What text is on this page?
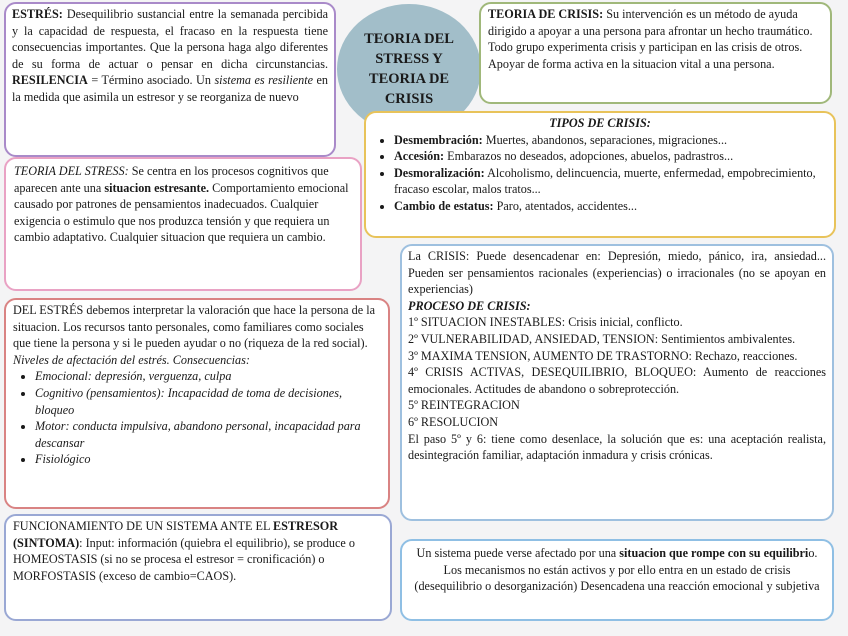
ESTRÉS: Desequilibrio sustancial entre la semanada percibida y la capacidad de respuesta, el fracaso en la respuesta tiene consecuencias importantes. Que la persona haga algo diferentes de su forma de actuar o pensar en dicha circunstancias. RESILENCIA = Término asociado. Un sistema es resiliente en la medida que asimila un estresor y se reorganiza de nuevo
TEORIA DEL
STRESS Y
TEORIA DE
CRISIS
TEORIA DE CRISIS: Su intervención es un método de ayuda dirigido a apoyar a una persona para afrontar un hecho traumático. Todo grupo experimenta crisis y participan en las crisis de otros. Apoyar de forma activa en la situacion vital a una persona.
TIPOS DE CRISIS:
• Desmembración: Muertes, abandonos, separaciones, migraciones...
• Accesión: Embarazos no deseados, adopciones, abuelos, padrastros...
• Desmoralización: Alcoholismo, delincuencia, muerte, enfermedad, empobrecimiento, fracaso escolar, malos tratos...
• Cambio de estatus: Paro, atentados, accidentes...
TEORIA DEL STRESS: Se centra en los procesos cognitivos que aparecen ante una situacion estresante. Comportamiento emocional causado por patrones de pensamientos inadecuados. Cualquier exigencia o estimulo que nos produzca tensión y que requiera un cambio adaptativo. Cualquier situacion que requiera un cambio.
DEL ESTRÉS debemos interpretar la valoración que hace la persona de la situacion. Los recursos tanto personales, como familiares como sociales que tiene la persona y si le pueden ayudar o no (riqueza de la red social).
Niveles de afectación del estrés. Consecuencias:
• Emocional: depresión, verguenza, culpa
• Cognitivo (pensamientos): Incapacidad de toma de decisiones, bloqueo
• Motor: conducta impulsiva, abandono personal, incapacidad para descansar
• Fisiológico

La CRISIS: Puede desencadenar en: Depresión, miedo, pánico, ira, ansiedad... Pueden ser pensamientos racionales (experiencias) o irracionales (no se apoyan en experiencias)

PROCESO DE CRISIS:

1º SITUACION INESTABLES: Crisis inicial, conflicto.

2º VULNERABILIDAD, ANSIEDAD, TENSION: Sentimientos ambivalentes.

3º MAXIMA TENSION, AUMENTO DE TRASTORNO: Rechazo, reacciones.

4º CRISIS ACTIVAS, DESEQUILIBRIO, BLOQUEO: Aumento de reacciones emocionales. Actitudes de abandono o sobreprotección.

5º REINTEGRACION

6º RESOLUCION

El paso 5º y 6: tiene como desenlace, la solución que es: una aceptación realista, desintegración familiar, adaptación inmadura y crisis crónicas.

FUNCIONAMIENTO DE UN SISTEMA ANTE EL ESTRESOR (SINTOMA): Input: información (quiebra el equilibrio), se produce o HOMEOSTASIS (si no se procesa el estresor = cronificación) o MORFOSTASIS (exceso de cambio=CAOS).
Un sistema puede verse afectado por una situacion que rompe con su equilibrio. Los mecanismos no están activos y por ello entra en un estado de crisis (desequilibrio o desorganización) Desencadena una reacción emocional y subjetiva
